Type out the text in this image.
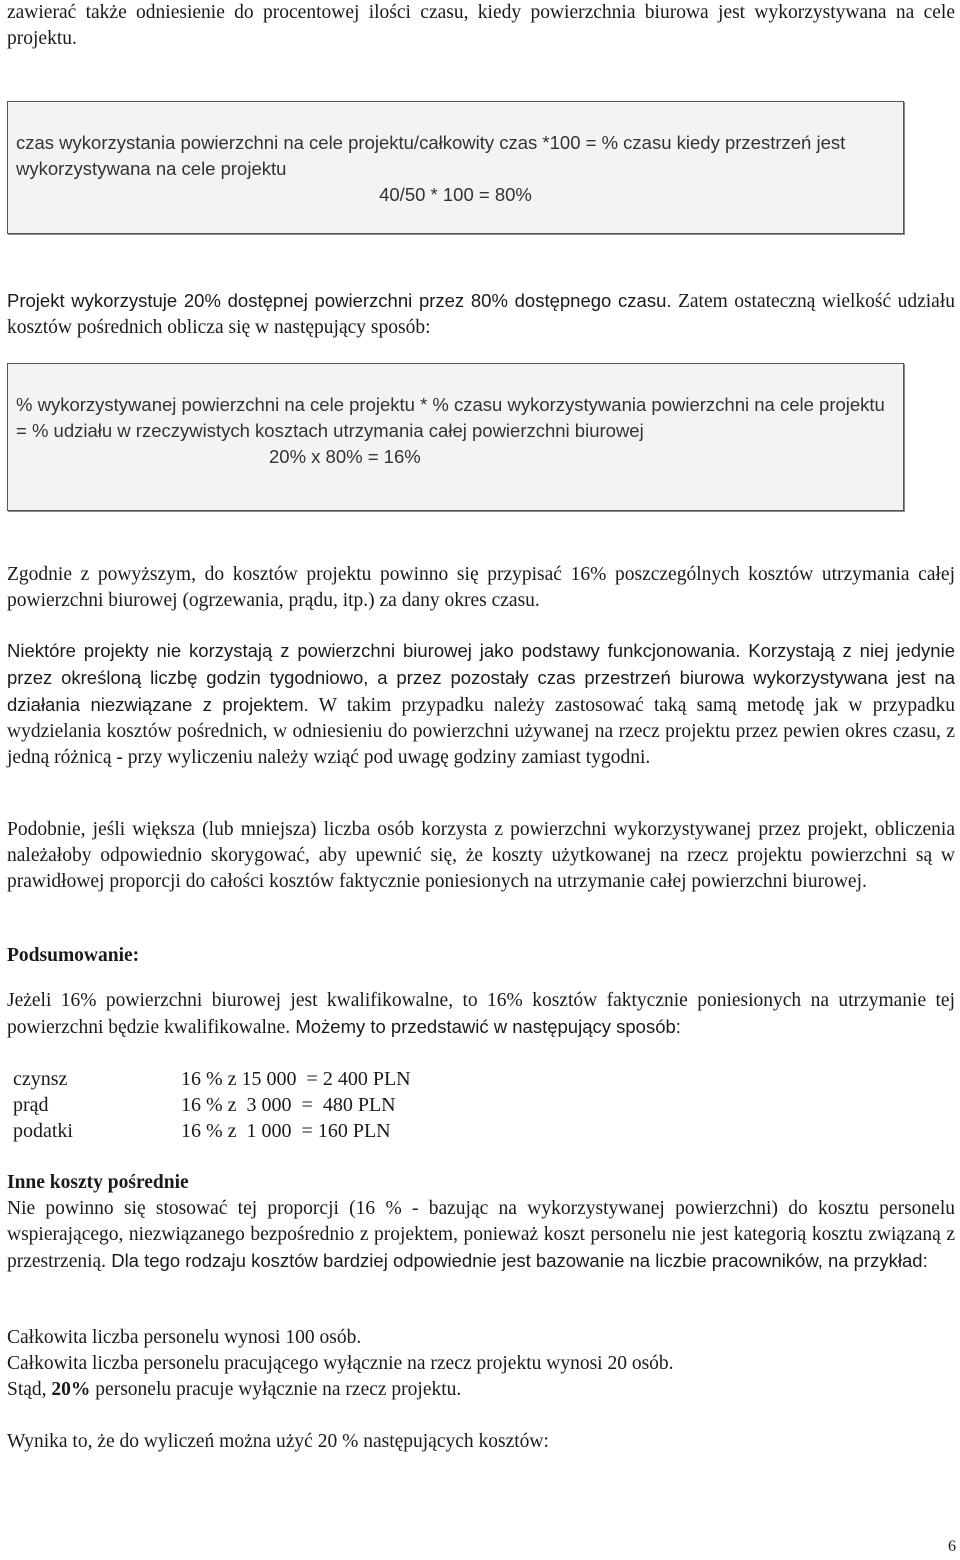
zawierać także odniesienie do procentowej ilości czasu, kiedy powierzchnia biurowa jest wykorzystywana na cele projektu.

czas wykorzystania powierzchni na cele projektu/całkowity czas *100 = % czasu kiedy przestrzeń jest wykorzystywana na cele projektu

40/50 * 100 = 80%

Projekt wykorzystuje 20% dostępnej powierzchni przez 80% dostępnego czasu. Zatem ostateczną wielkość udziału kosztów pośrednich oblicza się w następujący sposób:

% wykorzystywanej powierzchni na cele projektu * % czasu wykorzystywania powierzchni na cele projektu = % udziału w rzeczywistych kosztach utrzymania całej powierzchni biurowej

20% x 80% = 16%

Zgodnie z powyższym, do kosztów projektu powinno się przypisać 16% poszczególnych kosztów utrzymania całej powierzchni biurowej (ogrzewania, prądu, itp.) za dany okres czasu.
Niektóre projekty nie korzystają z powierzchni biurowej jako podstawy funkcjonowania. Korzystają z niej jedynie przez określoną liczbę godzin tygodniowo, a przez pozostały czas przestrzeń biurowa wykorzystywana jest na działania niezwiązane z projektem. W takim przypadku należy zastosować taką samą metodę jak w przypadku wydzielania kosztów pośrednich, w odniesieniu do powierzchni używanej na rzecz projektu przez pewien okres czasu, z jedną różnicą - przy wyliczeniu należy wziąć pod uwagę godziny zamiast tygodni.
Podobnie, jeśli większa (lub mniejsza) liczba osób korzysta z powierzchni wykorzystywanej przez projekt, obliczenia należałoby odpowiednio skorygować, aby upewnić się, że koszty użytkowanej na rzecz projektu powierzchni są w prawidłowej proporcji do całości kosztów faktycznie poniesionych na utrzymanie całej powierzchni biurowej.
Podsumowanie:
Jeżeli 16% powierzchni biurowej jest kwalifikowalne, to 16% kosztów faktycznie poniesionych na utrzymanie tej powierzchni będzie kwalifikowalne. Możemy to przedstawić w następujący sposób:
czynsz	16 % z 15 000  = 2 400 PLN
prąd	16 % z  3 000  =  480 PLN
podatki	16 % z  1 000  = 160 PLN
Inne koszty pośrednie
Nie powinno się stosować tej proporcji (16 % - bazując na wykorzystywanej powierzchni) do kosztu personelu wspierającego, niezwiązanego bezpośrednio z projektem, ponieważ koszt personelu nie jest kategorią kosztu związaną z przestrzenią. Dla tego rodzaju kosztów bardziej odpowiednie jest bazowanie na liczbie pracowników, na przykład:
Całkowita liczba personelu wynosi 100 osób.
Całkowita liczba personelu pracującego wyłącznie na rzecz projektu wynosi 20 osób.
Stąd, 20% personelu pracuje wyłącznie na rzecz projektu.
Wynika to, że do wyliczeń można użyć 20 % następujących kosztów:
6
